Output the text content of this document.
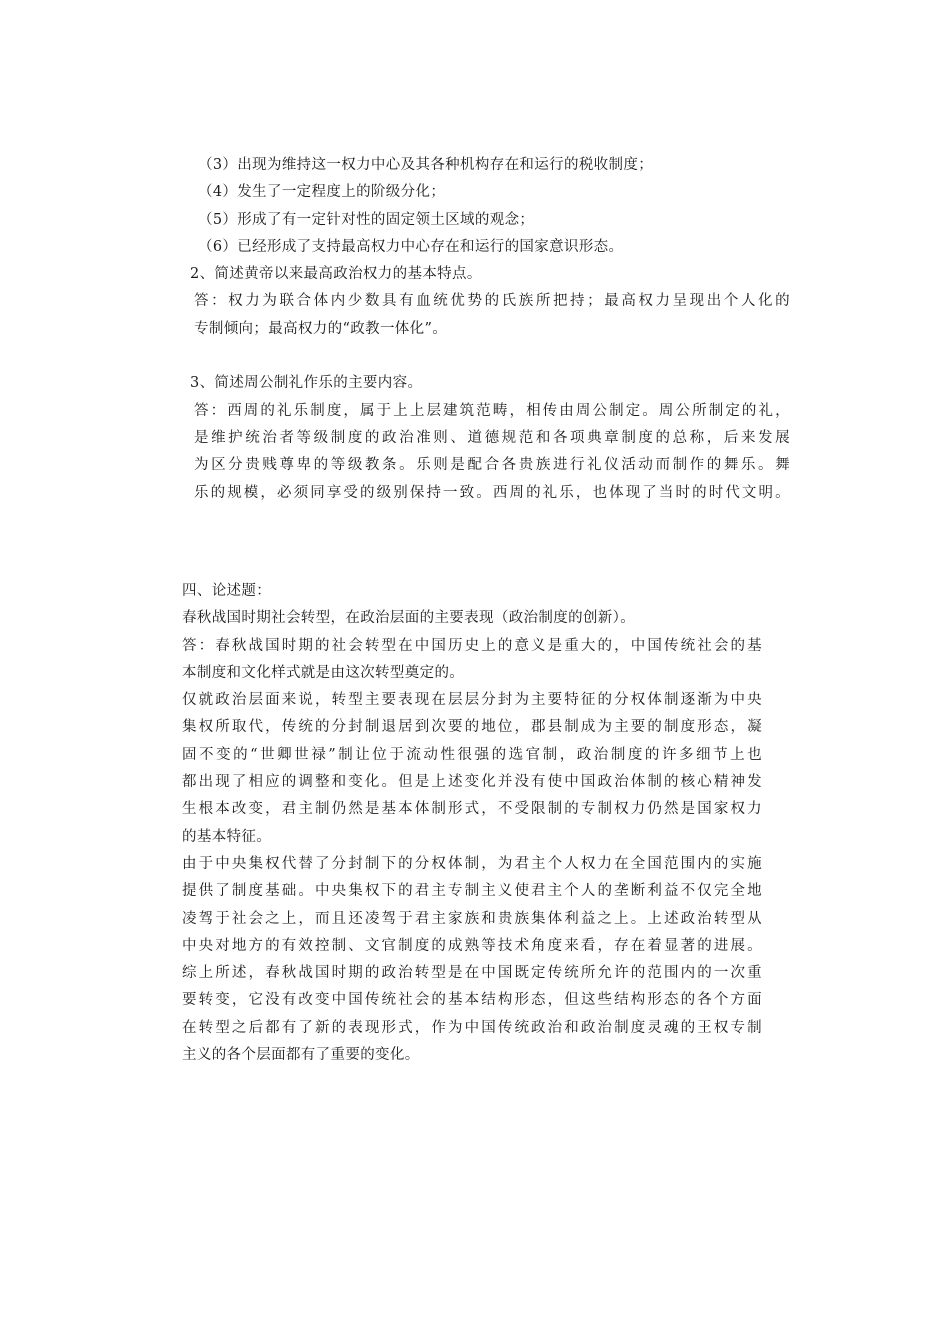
（3）出现为维持这一权力中心及其各种机构存在和运行的税收制度；
（4）发生了一定程度上的阶级分化；
（5）形成了有一定针对性的固定领土区域的观念；
（6）已经形成了支持最高权力中心存在和运行的国家意识形态。
2、简述黄帝以来最高政治权力的基本特点。
答：权力为联合体内少数具有血统优势的氏族所把持；最高权力呈现出个人化的
专制倾向；最高权力的“政教一体化”。
3、简述周公制礼作乐的主要内容。
答：西周的礼乐制度，属于上上层建筑范畴，相传由周公制定。周公所制定的礼，
是维护统治者等级制度的政治准则、道德规范和各项典章制度的总称，后来发展
为区分贵贱尊卑的等级教条。乐则是配合各贵族进行礼仪活动而制作的舞乐。舞
乐的规模，必须同享受的级别保持一致。西周的礼乐，也体现了当时的时代文明。
四、论述题：
春秋战国时期社会转型，在政治层面的主要表现（政治制度的创新）。
答：春秋战国时期的社会转型在中国历史上的意义是重大的，中国传统社会的基
本制度和文化样式就是由这次转型奠定的。
仅就政治层面来说，转型主要表现在层层分封为主要特征的分权体制逐渐为中央
集权所取代，传统的分封制退居到次要的地位，郡县制成为主要的制度形态，凝
固不变的“世卿世禄”制让位于流动性很强的选官制，政治制度的许多细节上也
都出现了相应的调整和变化。但是上述变化并没有使中国政治体制的核心精神发
生根本改变，君主制仍然是基本体制形式，不受限制的专制权力仍然是国家权力
的基本特征。
由于中央集权代替了分封制下的分权体制，为君主个人权力在全国范围内的实施
提供了制度基础。中央集权下的君主专制主义使君主个人的垄断利益不仅完全地
凌驾于社会之上，而且还凌驾于君主家族和贵族集体利益之上。上述政治转型从
中央对地方的有效控制、文官制度的成熟等技术角度来看，存在着显著的进展。
综上所述，春秋战国时期的政治转型是在中国既定传统所允许的范围内的一次重
要转变，它没有改变中国传统社会的基本结构形态，但这些结构形态的各个方面
在转型之后都有了新的表现形式，作为中国传统政治和政治制度灵魂的王权专制
主义的各个层面都有了重要的变化。
